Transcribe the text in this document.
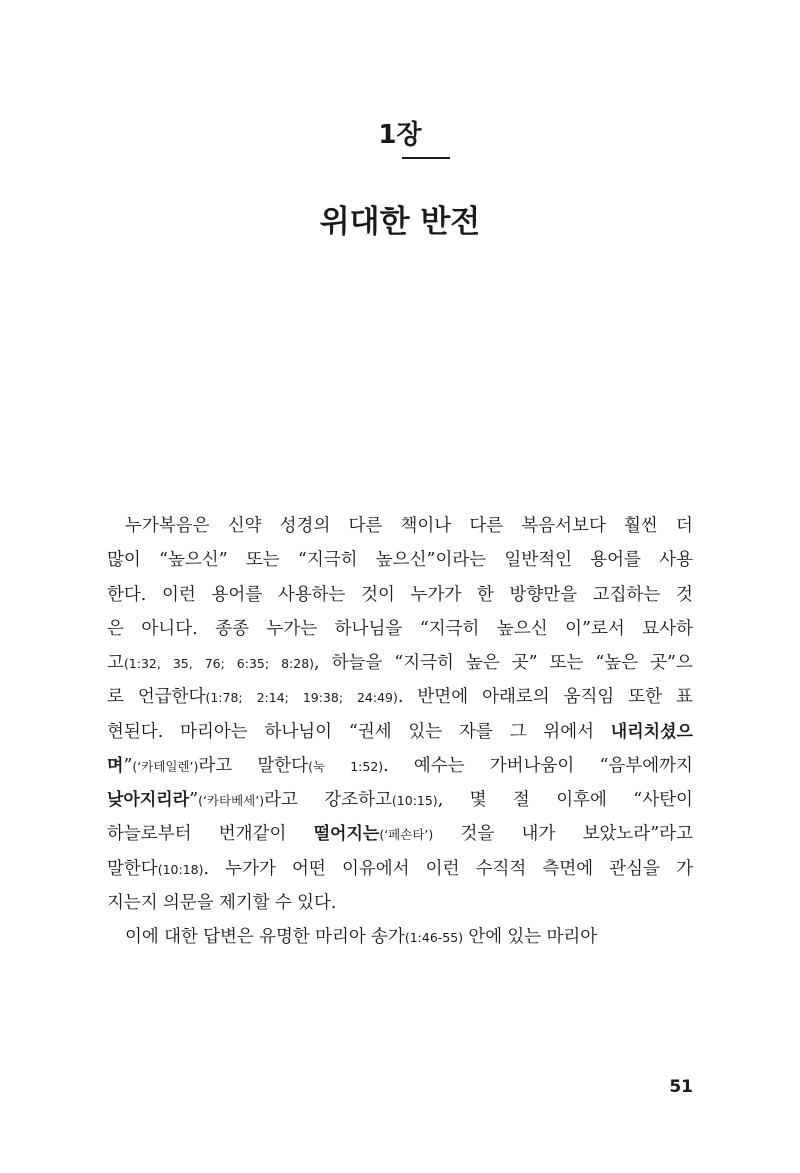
1장
위대한 반전
누가복음은 신약 성경의 다른 책이나 다른 복음서보다 훨씬 더
많이 “높으신” 또는 “지극히 높으신”이라는 일반적인 용어를 사용
한다. 이런 용어를 사용하는 것이 누가가 한 방향만을 고집하는 것
은 아니다. 종종 누가는 하나님을 “지극히 높으신 이”로서 묘사하
고(1:32, 35, 76; 6:35; 8:28), 하늘을 “지극히 높은 곳” 또는 “높은 곳”으
로 언급한다(1:78; 2:14; 19:38; 24:49). 반면에 아래로의 움직임 또한 표
현된다. 마리아는 하나님이 “권세 있는 자를 그 위에서 내리치셨으
며”(‘카테일렌’)라고 말한다(눅 1:52). 예수는 가버나움이 “음부에까지
낮아지리라”(‘카타베세’)라고 강조하고(10:15), 몇 절 이후에 “사탄이
하늘로부터 번개같이 떨어지는(‘페손타’) 것을 내가 보았노라”라고
말한다(10:18). 누가가 어떤 이유에서 이런 수직적 측면에 관심을 가
지는지 의문을 제기할 수 있다.
이에 대한 답변은 유명한 마리아 송가(1:46-55) 안에 있는 마리아
51
